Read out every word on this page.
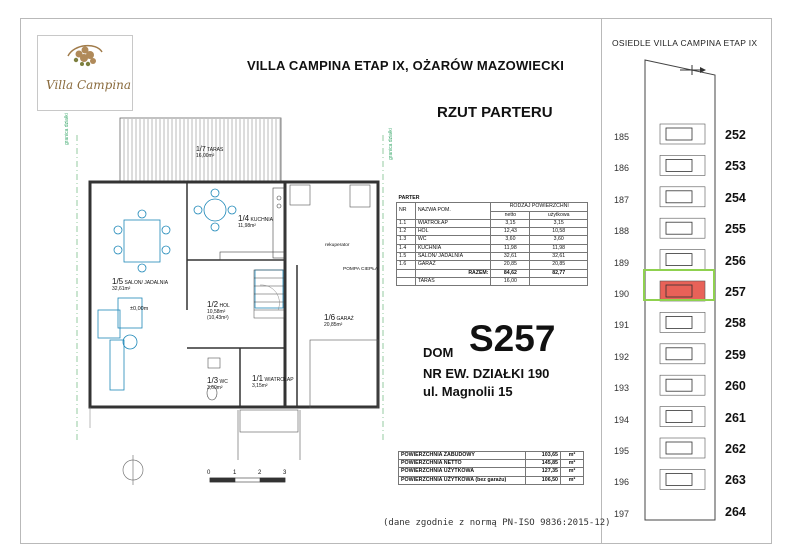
Villa Campina
VILLA CAMPINA ETAP IX, OŻARÓW MAZOWIECKI
RZUT PARTERU
granica działki	granica działki
1/7 TARAS
16,00m²
1/4 KUCHNIA
11,98m²
1/5 SALON/ JADALNIA
32,61m²
±0,00m	1/2 HOL
10,58m²
(10,43m²)	1/6 GARAŻ
20,85m²
1/3 WC
3,60m²
1/1 WIATROŁAP
3,15m²
rekuperator
POMPA CIEPŁA
0	1	2	3
PARTER			
NR	NAZWA POM.	RODZAJ POWIERZCHNI	
		netto	użytkowa
1.1	WIATROŁAP	3,15	3,15
1.2	HOL	12,43	10,58
1.3	WC	3,60	3,60
1.4	KUCHNIA	11,98	11,98
1.5	SALON/ JADALNIA	32,61	32,61
1.6	GARAŻ	20,85	20,85
	RAZEM:	84,62	82,77
	TARAS	16,00	
DOM S257
NR EW. DZIAŁKI 190
ul. Magnolii 15
POWIERZCHNIA ZABUDOWY	103,65	m²
POWIERZCHNIA NETTO	145,85	m²
POWIERZCHNIA UŻYTKOWA	127,35	m²
POWIERZCHNIA UŻYTKOWA (bez garażu)	106,50	m²
(dane zgodnie z normą PN-ISO 9836:2015-12)
OSIEDLE VILLA CAMPINA ETAP IX
185	252
186	253
187	254
188	255
189	256
190	257
191	258
192	259
193	260
194	261
195	262
196	263
197	264
